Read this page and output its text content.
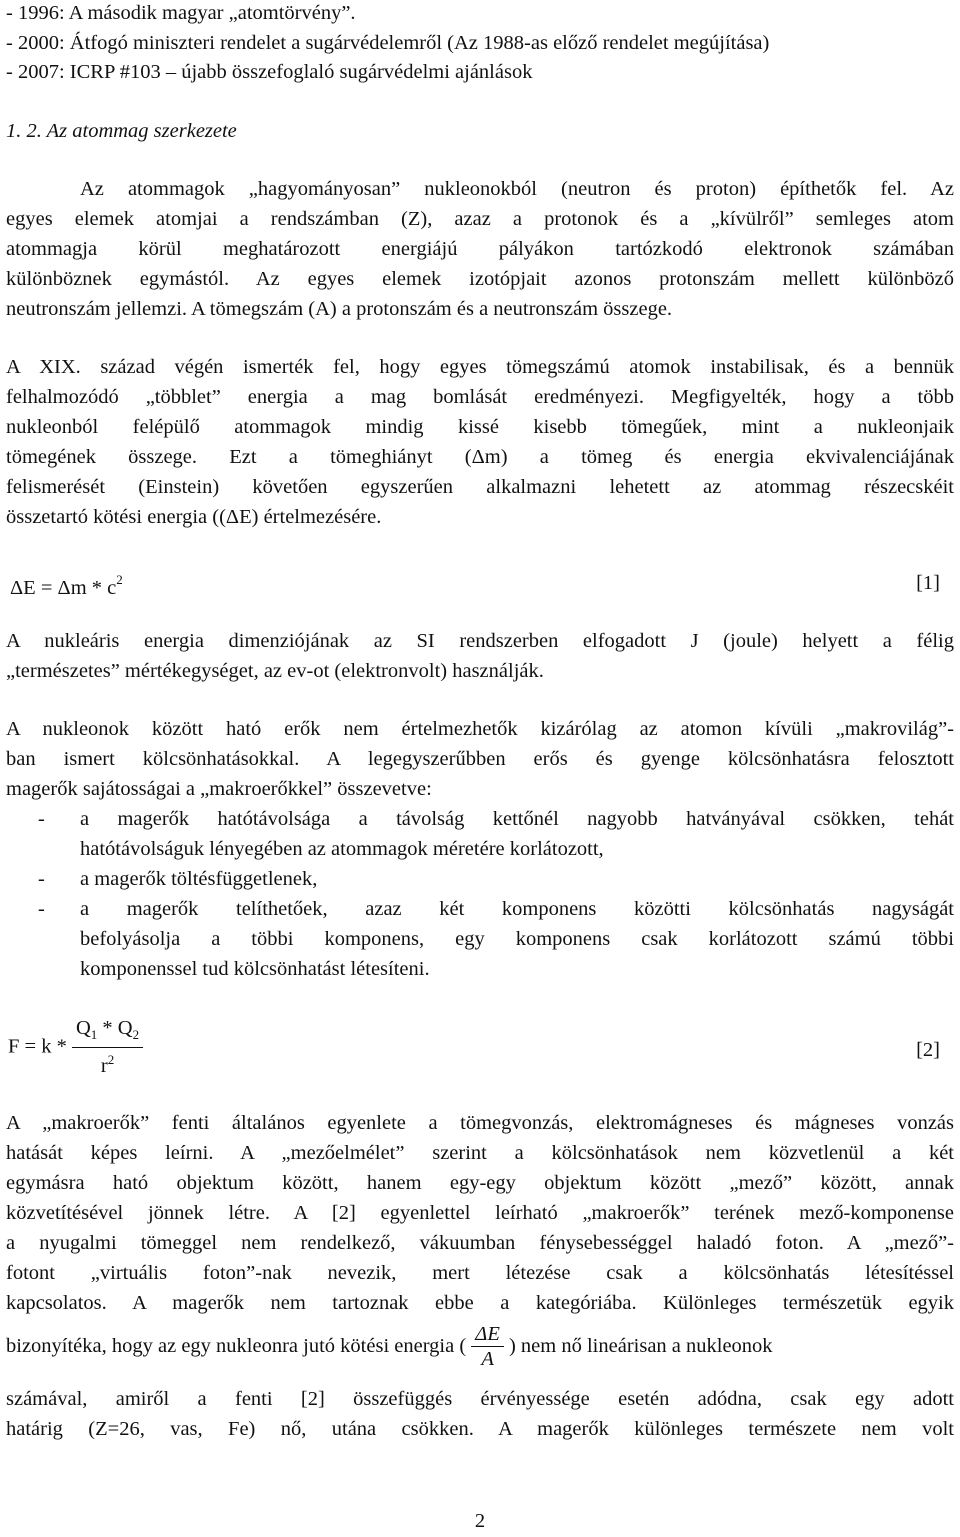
- 1996: A második magyar „atomtörvény”.
- 2000: Átfogó miniszteri rendelet a sugárvédelemről (Az 1988-as előző rendelet megújítása)
- 2007: ICRP #103 – újabb összefoglaló sugárvédelmi ajánlások
1. 2. Az atommag szerkezete
Az atommagok „hagyományosan” nukleonokból (neutron és proton) építhetők fel. Az
egyes elemek atomjai a rendszámban (Z), azaz a protonok és a „kívülről” semleges atom
atommagja körül meghatározott energiájú pályákon tartózkodó elektronok számában
különböznek egymástól. Az egyes elemek izotópjait azonos protonszám mellett különböző
neutronszám jellemzi. A tömegszám (A) a protonszám és a neutronszám összege.
A XIX. század végén ismerték fel, hogy egyes tömegszámú atomok instabilisak, és a bennük
felhalmozódó „többlet” energia a mag bomlását eredményezi. Megfigyelték, hogy a több
nukleonból felépülő atommagok mindig kissé kisebb tömegűek, mint a nukleonjaik
tömegének összege. Ezt a tömeghiányt (Δm) a tömeg és energia ekvivalenciájának
felismerését (Einstein) követően egyszerűen alkalmazni lehetett az atommag részecskéit
összetartó kötési energia ((ΔE) értelmezésére.
$\Delta E = \Delta m * c^2$	[1]
A nukleáris energia dimenziójának az SI rendszerben elfogadott J (joule) helyett a félig
„természetes” mértékegységet, az ev-ot (elektronvolt) használják.
A nukleonok között ható erők nem értelmezhetők kizárólag az atomon kívüli „makrovilág”-
ban ismert kölcsönhatásokkal. A legegyszerűbben erős és gyenge kölcsönhatásra felosztott
magerők sajátosságai a „makroerőkkel” összevetve:
- a magerők hatótávolsága a távolság kettőnél nagyobb hatványával csökken, tehát
hatótávolságuk lényegében az atommagok méretére korlátozott,
- a magerők töltésfüggetlenek,
- a magerők telíthetőek, azaz két komponens közötti kölcsönhatás nagyságát
befolyásolja a többi komponens, egy komponens csak korlátozott számú többi
komponenssel tud kölcsönhatást létesíteni.
$F = k * \frac{Q_1 * Q_2}{r^2}$	[2]
A „makroerők” fenti általános egyenlete a tömegvonzás, elektromágneses és mágneses vonzás
hatását képes leírni. A „mezőelmélet” szerint a kölcsönhatások nem közvetlenül a két
egymásra ható objektum között, hanem egy-egy objektum között „mező” között, annak
közvetítésével jönnek létre. A [2] egyenlettel leírható „makroerők” terének mező-komponense
a nyugalmi tömeggel nem rendelkező, vákuumban fénysebességgel haladó foton. A „mező”-
fotont „virtuális foton”-nak nevezik, mert létezése csak a kölcsönhatás létesítéssel
kapcsolatos. A magerők nem tartoznak ebbe a kategóriába. Különleges természetük egyik
bizonyítéka, hogy az egy nukleonra jutó kötési energia ( $\frac{\Delta E}{A}$ ) nem nő lineárisan a nukleonok
számával, amiről a fenti [2] összefüggés érvényessége esetén adódna, csak egy adott
határig (Z=26, vas, Fe) nő, utána csökken. A magerők különleges természete nem volt
2
